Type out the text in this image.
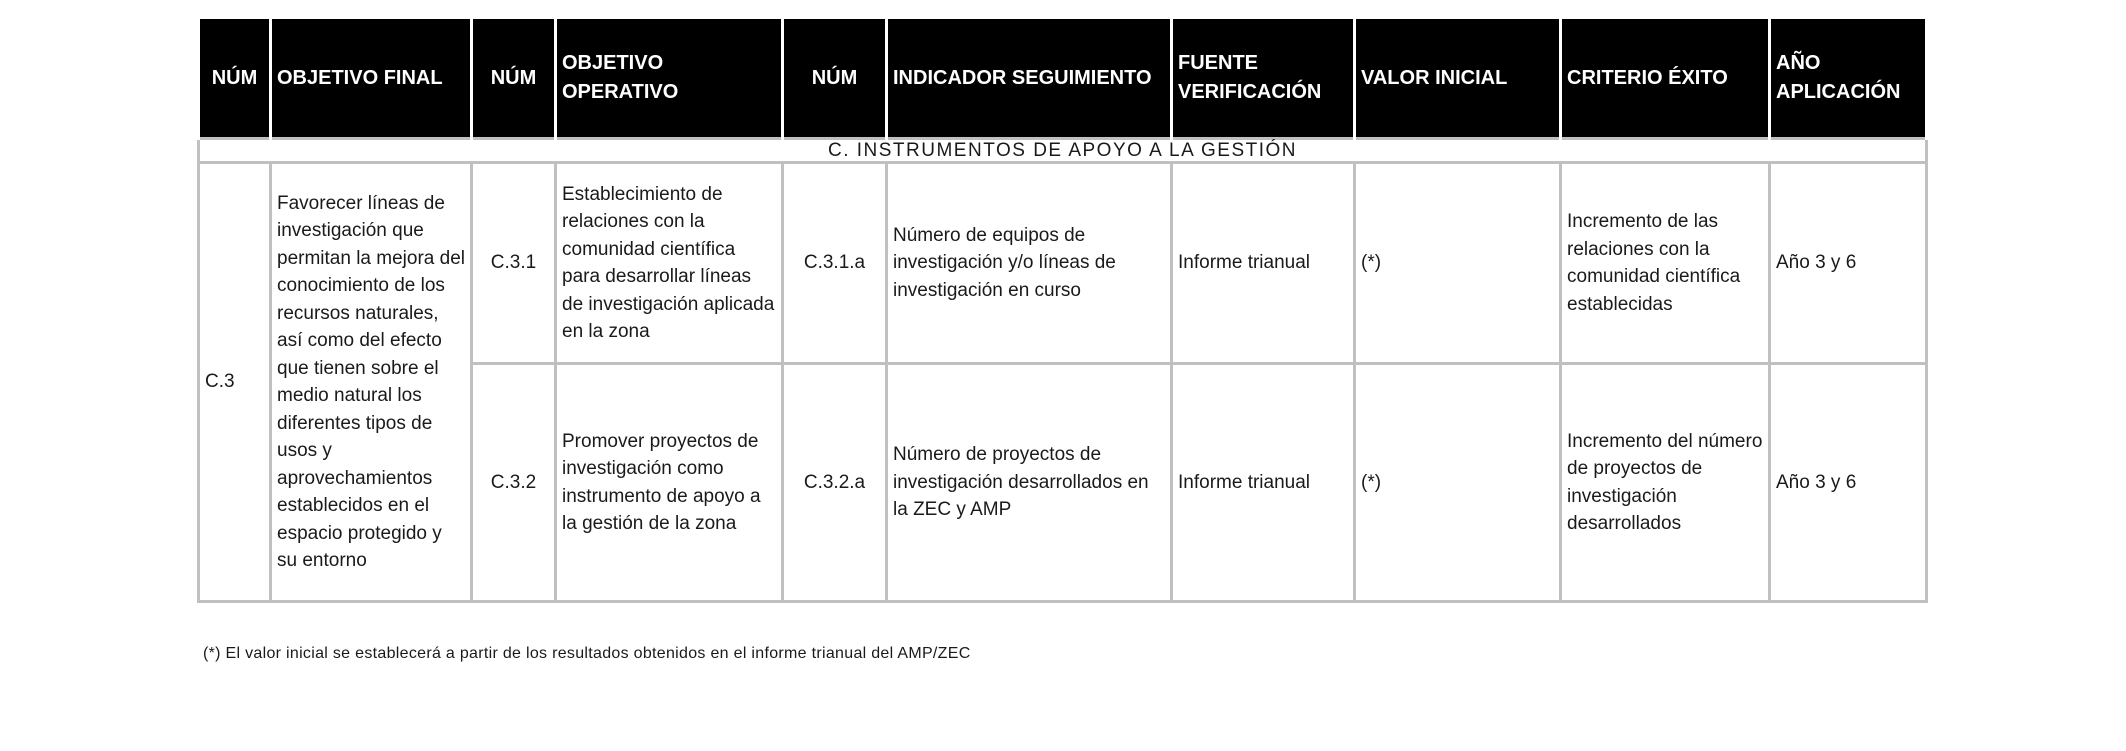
NÚM	OBJETIVO FINAL	NÚM	OBJETIVO OPERATIVO	NÚM	INDICADOR SEGUIMIENTO	FUENTE VERIFICACIÓN	VALOR INICIAL	CRITERIO ÉXITO	AÑO APLICACIÓN
C. INSTRUMENTOS DE APOYO A LA GESTIÓN									
C.3	Favorecer líneas de investigación que permitan la mejora del conocimiento de los recursos naturales, así como del efecto que tienen sobre el medio natural los diferentes tipos de usos y aprovechamientos establecidos en el espacio protegido y su entorno	C.3.1	Establecimiento de relaciones con la comunidad científica para desarrollar líneas de investigación aplicada en la zona	C.3.1.a	Número de equipos de investigación y/o líneas de investigación en curso	Informe trianual	(*)	Incremento de las relaciones con la comunidad científica establecidas	Año 3 y 6
		C.3.2	Promover proyectos de investigación como instrumento de apoyo a la gestión de la zona	C.3.2.a	Número de proyectos de investigación desarrollados en la ZEC y AMP	Informe trianual	(*)	Incremento del número de proyectos de investigación desarrollados	Año 3 y 6
(*) El valor inicial se establecerá a partir de los resultados obtenidos en el informe trianual del AMP/ZEC
